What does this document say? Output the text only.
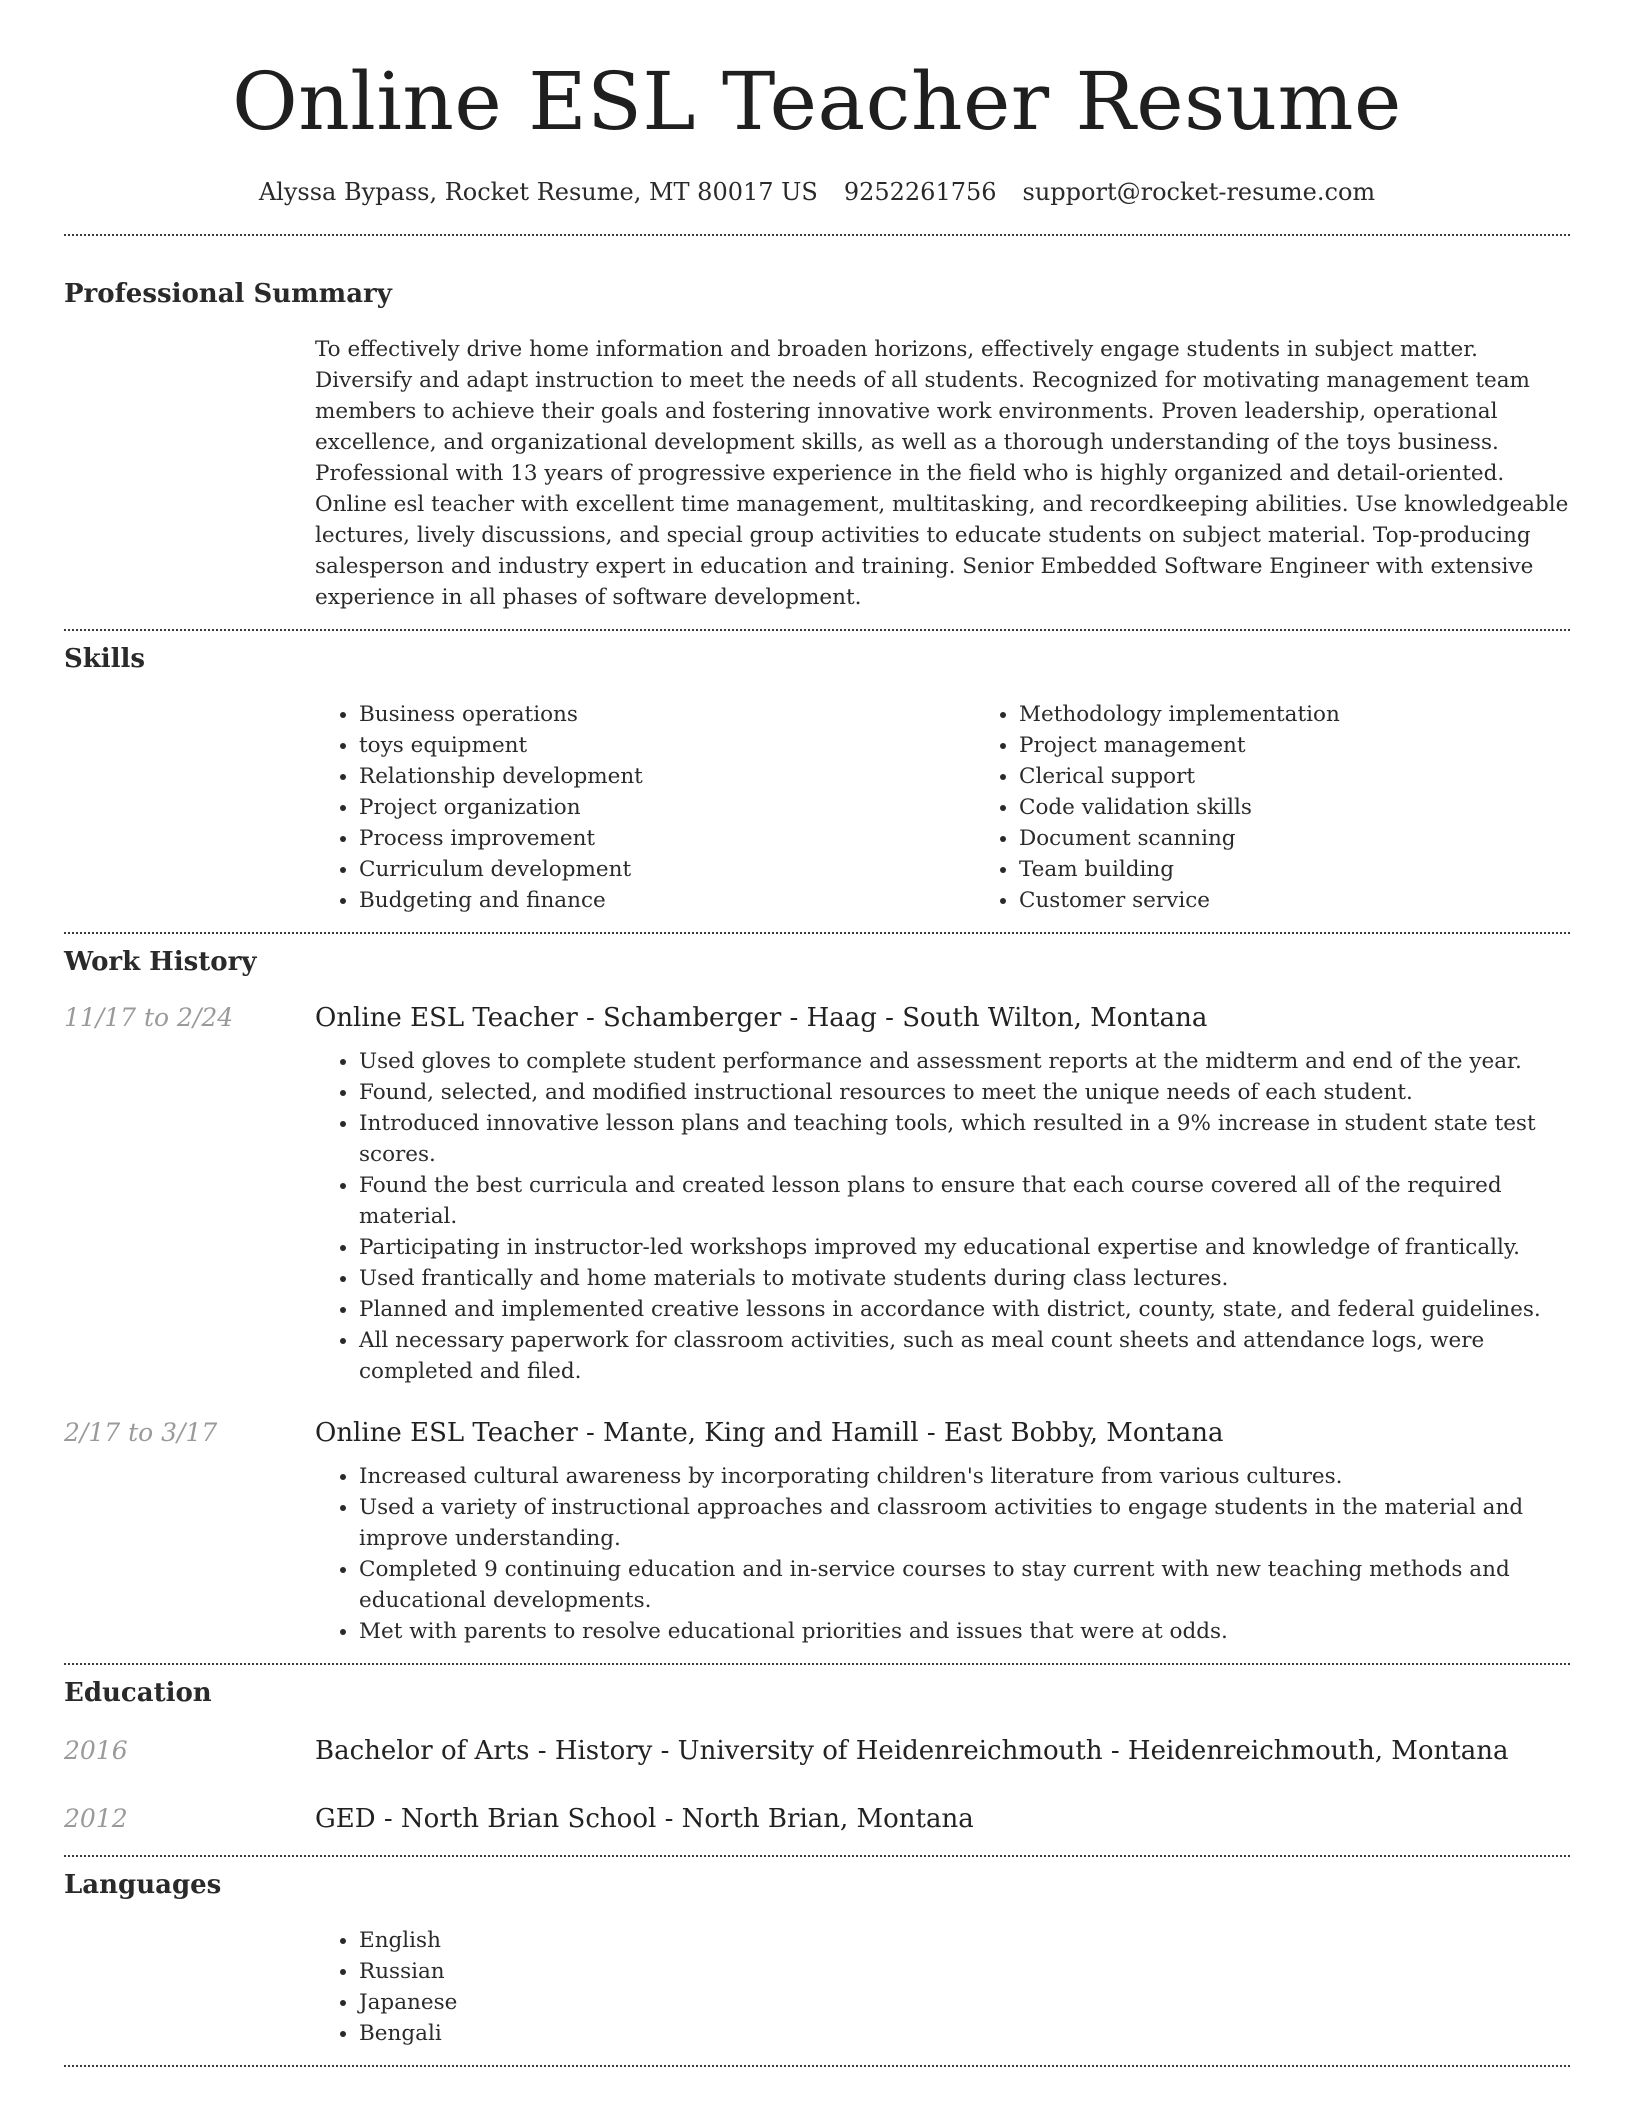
Online ESL Teacher Resume
Alyssa Bypass, Rocket Resume, MT 80017 US 9252261756 support@rocket-resume.com
Professional Summary

To effectively drive home information and broaden horizons, effectively engage students in subject matter. Diversify and adapt instruction to meet the needs of all students. Recognized for motivating management team members to achieve their goals and fostering innovative work environments. Proven leadership, operational excellence, and organizational development skills, as well as a thorough understanding of the toys business. Professional with 13 years of progressive experience in the field who is highly organized and detail-oriented. Online esl teacher with excellent time management, multitasking, and recordkeeping abilities. Use knowledgeable lectures, lively discussions, and special group activities to educate students on subject material. Top-producing salesperson and industry expert in education and training. Senior Embedded Software Engineer with extensive experience in all phases of software development.

Skills
• Business operations
• toys equipment
• Relationship development
• Project organization
• Process improvement
• Curriculum development
• Budgeting and finance
• Methodology implementation
• Project management
• Clerical support
• Code validation skills
• Document scanning
• Team building
• Customer service
Work History
11/17 to 2/24	Online ESL Teacher - Schamberger - Haag - South Wilton, Montana
• Used gloves to complete student performance and assessment reports at the midterm and end of the year.
• Found, selected, and modified instructional resources to meet the unique needs of each student.
• Introduced innovative lesson plans and teaching tools, which resulted in a 9% increase in student state test scores.
• Found the best curricula and created lesson plans to ensure that each course covered all of the required material.
• Participating in instructor-led workshops improved my educational expertise and knowledge of frantically.
• Used frantically and home materials to motivate students during class lectures.
• Planned and implemented creative lessons in accordance with district, county, state, and federal guidelines.
• All necessary paperwork for classroom activities, such as meal count sheets and attendance logs, were completed and filed.
2/17 to 3/17	Online ESL Teacher - Mante, King and Hamill - East Bobby, Montana
• Increased cultural awareness by incorporating children's literature from various cultures.
• Used a variety of instructional approaches and classroom activities to engage students in the material and improve understanding.
• Completed 9 continuing education and in-service courses to stay current with new teaching methods and educational developments.
• Met with parents to resolve educational priorities and issues that were at odds.
Education
2016	Bachelor of Arts - History - University of Heidenreichmouth - Heidenreichmouth, Montana
2012	GED - North Brian School - North Brian, Montana
Languages
• English
• Russian
• Japanese
• Bengali
